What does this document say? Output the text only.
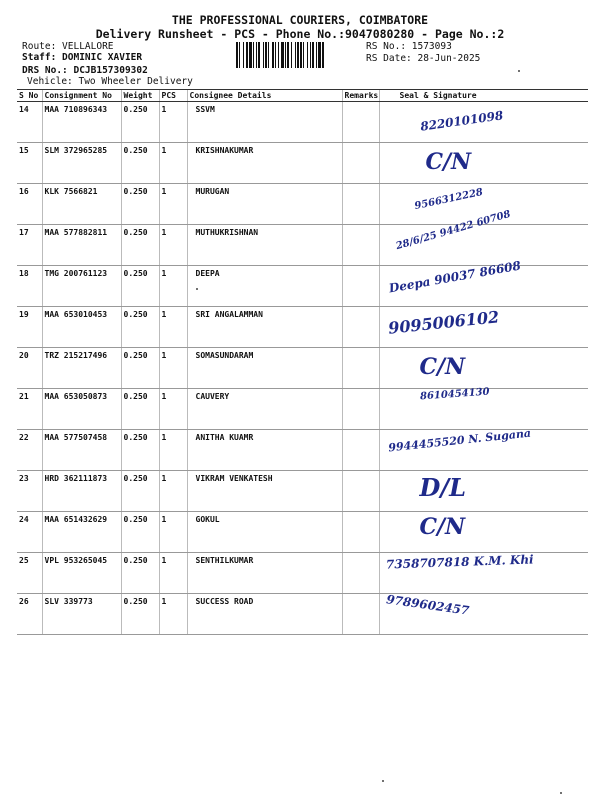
THE PROFESSIONAL COURIERS, COIMBATORE
Delivery Runsheet - PCS - Phone No.:9047080280 - Page No.:2
Route: VELLALORE
Staff: DOMINIC XAVIER
DRS No.: DCJB157309302
Vehicle: Two Wheeler Delivery
RS No.: 1573093
RS Date: 28-Jun-2025
S No	Consignment No	Weight	PCS	Consignee Details	Remarks	Seal & Signature
14	MAA 710896343	0.250	1	SSVM		8220101098

15	SLM 372965285	0.250	1	KRISHNAKUMAR		C/N

16	KLK 7566821	0.250	1	MURUGAN		9566312228

17	MAA 577882811	0.250	1	MUTHUKRISHNAN		28/6/25 94422 60708

18	TMG 200761123	0.250	1	DEEPA		Deepa 90037 86608

19	MAA 653010453	0.250	1	SRI ANGALAMMAN		9095006102

20	TRZ 215217496	0.250	1	SOMASUNDARAM		C/N

21	MAA 653050873	0.250	1	CAUVERY		8610454130

22	MAA 577507458	0.250	1	ANITHA KUAMR		9944455520 N. Sugana

23	HRD 362111873	0.250	1	VIKRAM VENKATESH		D/L

24	MAA 651432629	0.250	1	GOKUL		C/N

25	VPL 953265045	0.250	1	SENTHILKUMAR		7358707818 K.M. Khi

26	SLV 339773	0.250	1	SUCCESS ROAD		9789602457
